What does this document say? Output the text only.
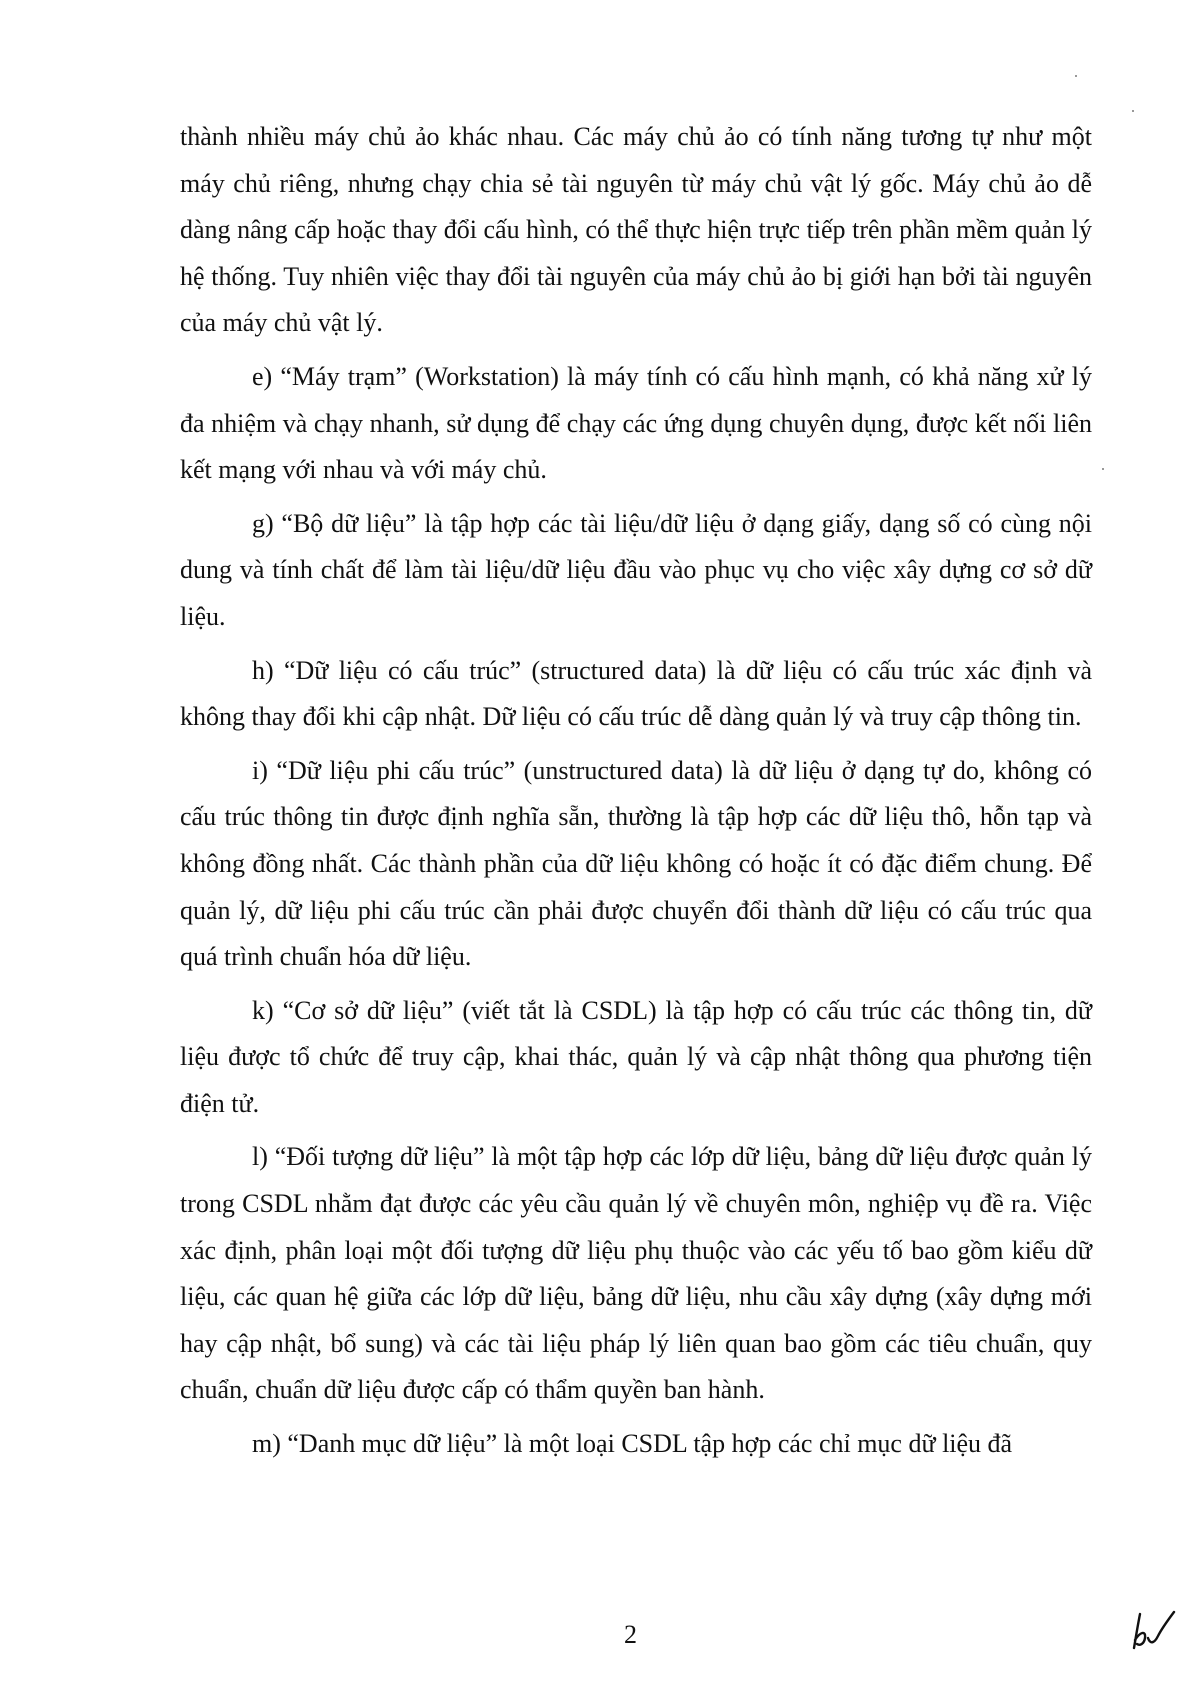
thành nhiều máy chủ ảo khác nhau. Các máy chủ ảo có tính năng tương tự như một máy chủ riêng, nhưng chạy chia sẻ tài nguyên từ máy chủ vật lý gốc. Máy chủ ảo dễ dàng nâng cấp hoặc thay đổi cấu hình, có thể thực hiện trực tiếp trên phần mềm quản lý hệ thống. Tuy nhiên việc thay đổi tài nguyên của máy chủ ảo bị giới hạn bởi tài nguyên của máy chủ vật lý.

e) “Máy trạm” (Workstation) là máy tính có cấu hình mạnh, có khả năng xử lý đa nhiệm và chạy nhanh, sử dụng để chạy các ứng dụng chuyên dụng, được kết nối liên kết mạng với nhau và với máy chủ.

g) “Bộ dữ liệu” là tập hợp các tài liệu/dữ liệu ở dạng giấy, dạng số có cùng nội dung và tính chất để làm tài liệu/dữ liệu đầu vào phục vụ cho việc xây dựng cơ sở dữ liệu.

h) “Dữ liệu có cấu trúc” (structured data) là dữ liệu có cấu trúc xác định và không thay đổi khi cập nhật. Dữ liệu có cấu trúc dễ dàng quản lý và truy cập thông tin.

i) “Dữ liệu phi cấu trúc” (unstructured data) là dữ liệu ở dạng tự do, không có cấu trúc thông tin được định nghĩa sẵn, thường là tập hợp các dữ liệu thô, hỗn tạp và không đồng nhất. Các thành phần của dữ liệu không có hoặc ít có đặc điểm chung. Để quản lý, dữ liệu phi cấu trúc cần phải được chuyển đổi thành dữ liệu có cấu trúc qua quá trình chuẩn hóa dữ liệu.

k) “Cơ sở dữ liệu” (viết tắt là CSDL) là tập hợp có cấu trúc các thông tin, dữ liệu được tổ chức để truy cập, khai thác, quản lý và cập nhật thông qua phương tiện điện tử.

l) “Đối tượng dữ liệu” là một tập hợp các lớp dữ liệu, bảng dữ liệu được quản lý trong CSDL nhằm đạt được các yêu cầu quản lý về chuyên môn, nghiệp vụ đề ra. Việc xác định, phân loại một đối tượng dữ liệu phụ thuộc vào các yếu tố bao gồm kiểu dữ liệu, các quan hệ giữa các lớp dữ liệu, bảng dữ liệu, nhu cầu xây dựng (xây dựng mới hay cập nhật, bổ sung) và các tài liệu pháp lý liên quan bao gồm các tiêu chuẩn, quy chuẩn, chuẩn dữ liệu được cấp có thẩm quyền ban hành.

m) “Danh mục dữ liệu” là một loại CSDL tập hợp các chỉ mục dữ liệu đã

2
